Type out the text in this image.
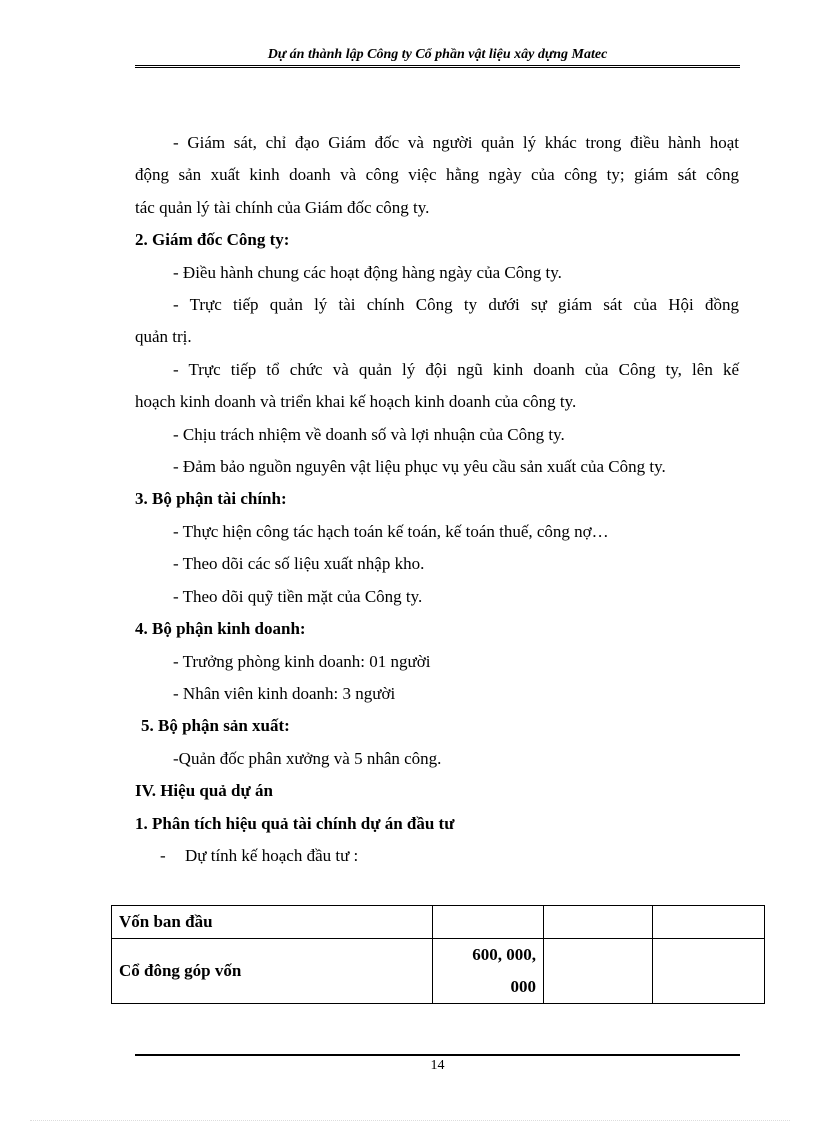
Dự án thành lập Công ty Cổ phần vật liệu xây dựng Matec

- Giám sát, chỉ đạo Giám đốc và người quản lý khác trong điều hành hoạt

động sản xuất kinh doanh và công việc hằng ngày của công ty; giám sát công

tác quản lý tài chính của Giám đốc công ty.

2. Giám đốc Công ty:

- Điều hành chung các hoạt động hàng ngày của Công ty.

- Trực tiếp quản lý tài chính Công ty dưới sự giám sát của Hội đồng

quản trị.

- Trực tiếp tổ chức và quản lý đội ngũ kinh doanh của Công ty, lên kế

hoạch kinh doanh và triển khai kế hoạch kinh doanh của công ty.

- Chịu trách nhiệm về doanh số và lợi nhuận của Công ty.

- Đảm bảo nguồn nguyên vật liệu phục vụ yêu cầu sản xuất của Công ty.

3. Bộ phận tài chính:

- Thực hiện công tác hạch toán kế toán, kế toán thuế, công nợ…

- Theo dõi các số liệu xuất nhập kho.

- Theo dõi quỹ tiền mặt của Công ty.

4. Bộ phận kinh doanh:

- Trưởng phòng kinh doanh: 01 người

- Nhân viên kinh doanh: 3 người

5. Bộ phận sản xuất:

-Quản đốc phân xưởng và 5 nhân công.

IV. Hiệu quả dự án

1. Phân tích hiệu quả tài chính dự án đầu tư

- Dự tính kế hoạch đầu tư :

Vốn ban đầu			
Cổ đông góp vốn	600, 000,
000		

14
